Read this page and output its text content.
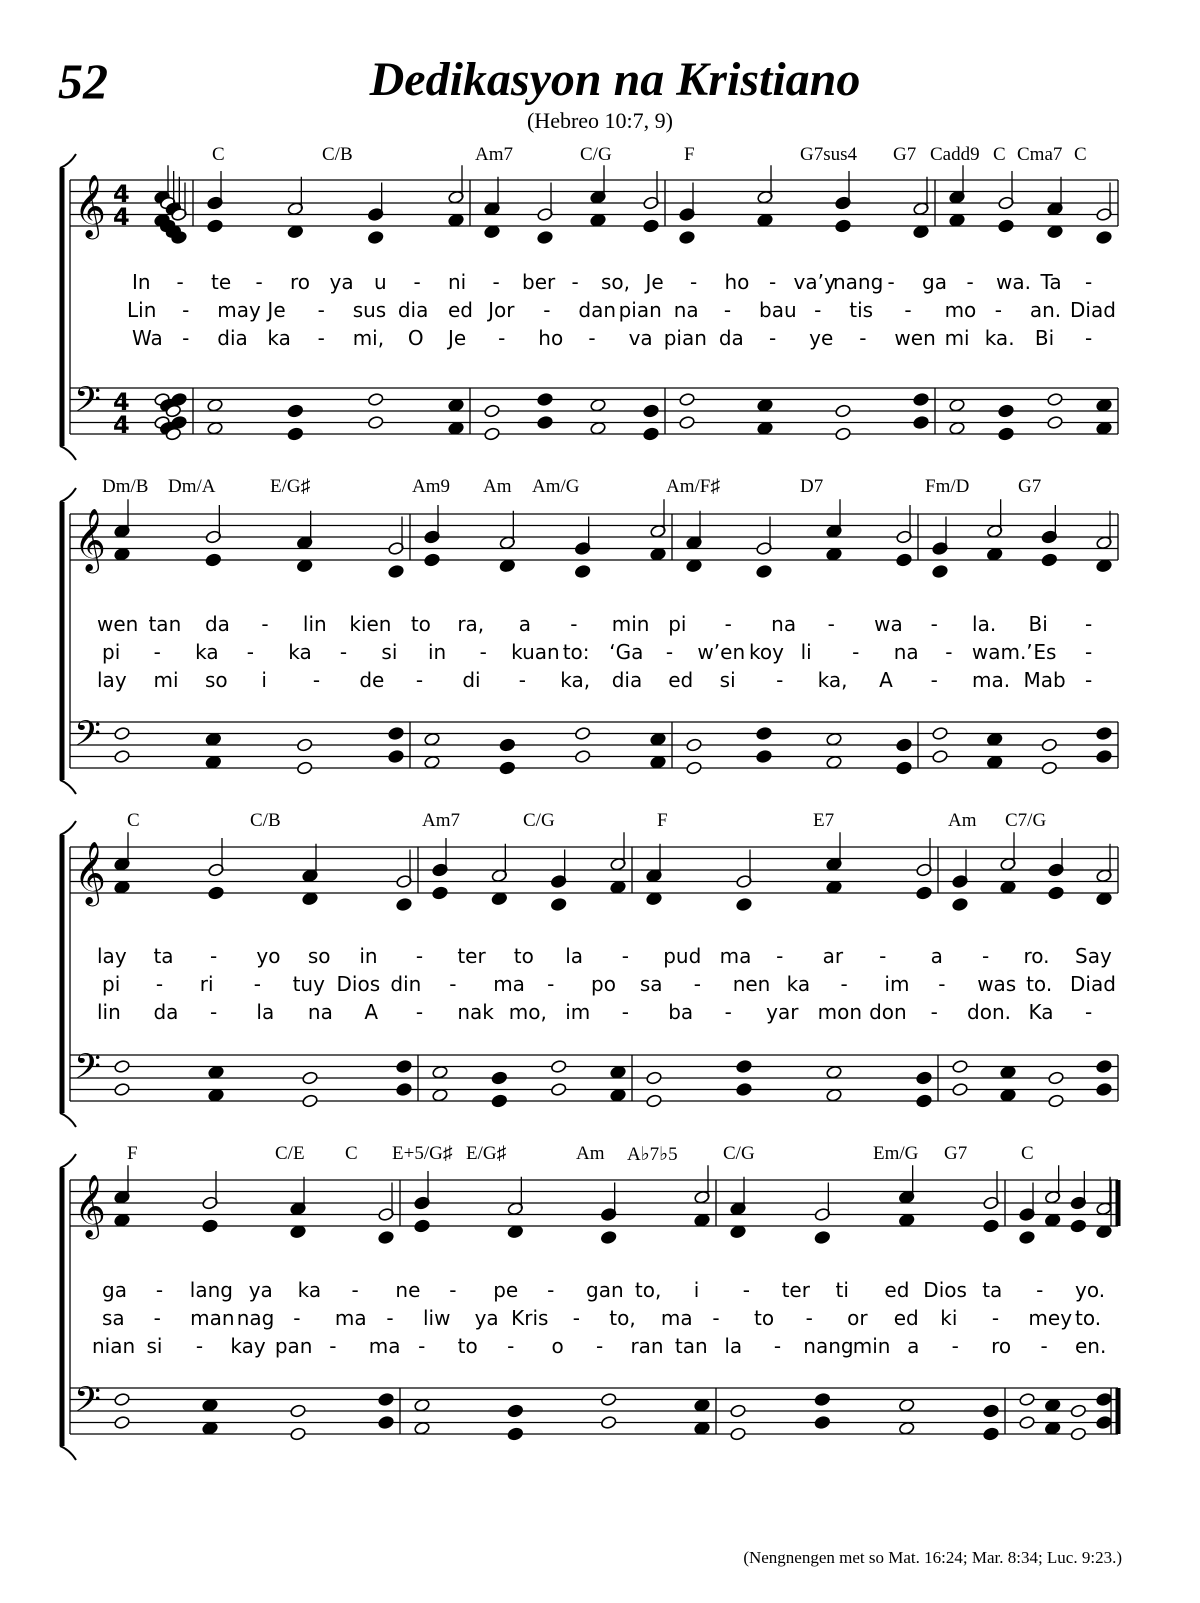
52	Dedikasyon na Kristiano
(Hebreo 10:7, 9)
𝄞
𝄢
4
4
4
4
𝄞
𝄢
𝄞
𝄢
𝄞
𝄢
C	C/B	Am7	C/G	F	G7sus4 G7 Cadd9 C Cma7 C
In - te - ro ya u - ni - ber - so, Je - ho - va’y
nang - ga - wa. Ta -
Lin - may Je - sus dia ed Jor - dan pian na - bau - tis - mo - an. Diad
Wa - dia ka - mi, O Je - ho - va pian da - ye - wen mi ka. Bi -
Dm/B Dm/A	E/G♯	Am9 Am Am/G	Am/F♯	D7	Fm/D	G7
wen tan da - lin kien to ra, a - min pi - na - wa - la. Bi -
pi - ka - ka - si in - kuan to: ‘Ga - w’en koy li - na - wam.’ Es -
lay mi so i - de - di - ka, dia ed si - ka, A - ma. Mab -
C	C/B	Am7	C/G	F	E7	Am C7/G
lay ta - yo so in - ter to la - pud ma - ar - a - ro. Say
pi - ri - tuy Dios din - ma - po sa - nen ka - im - was to. Diad
lin da - la na A - nak mo, im - ba - yar mon don - don. Ka -
F	C/E C E+5/G♯ E/G♯	Am A♭7♭5 C/G	Em/G G7	C
ga - lang ya ka - ne - pe - gan to, i - ter ti ed Dios ta - yo.
sa - man nag - ma - liw ya Kris - to, ma - to - or ed ki - mey to.
nian si - kay pan - ma - to - o - ran tan la - nang min a - ro - en.
(Nengnengen met so Mat. 16:24; Mar. 8:34; Luc. 9:23.)
